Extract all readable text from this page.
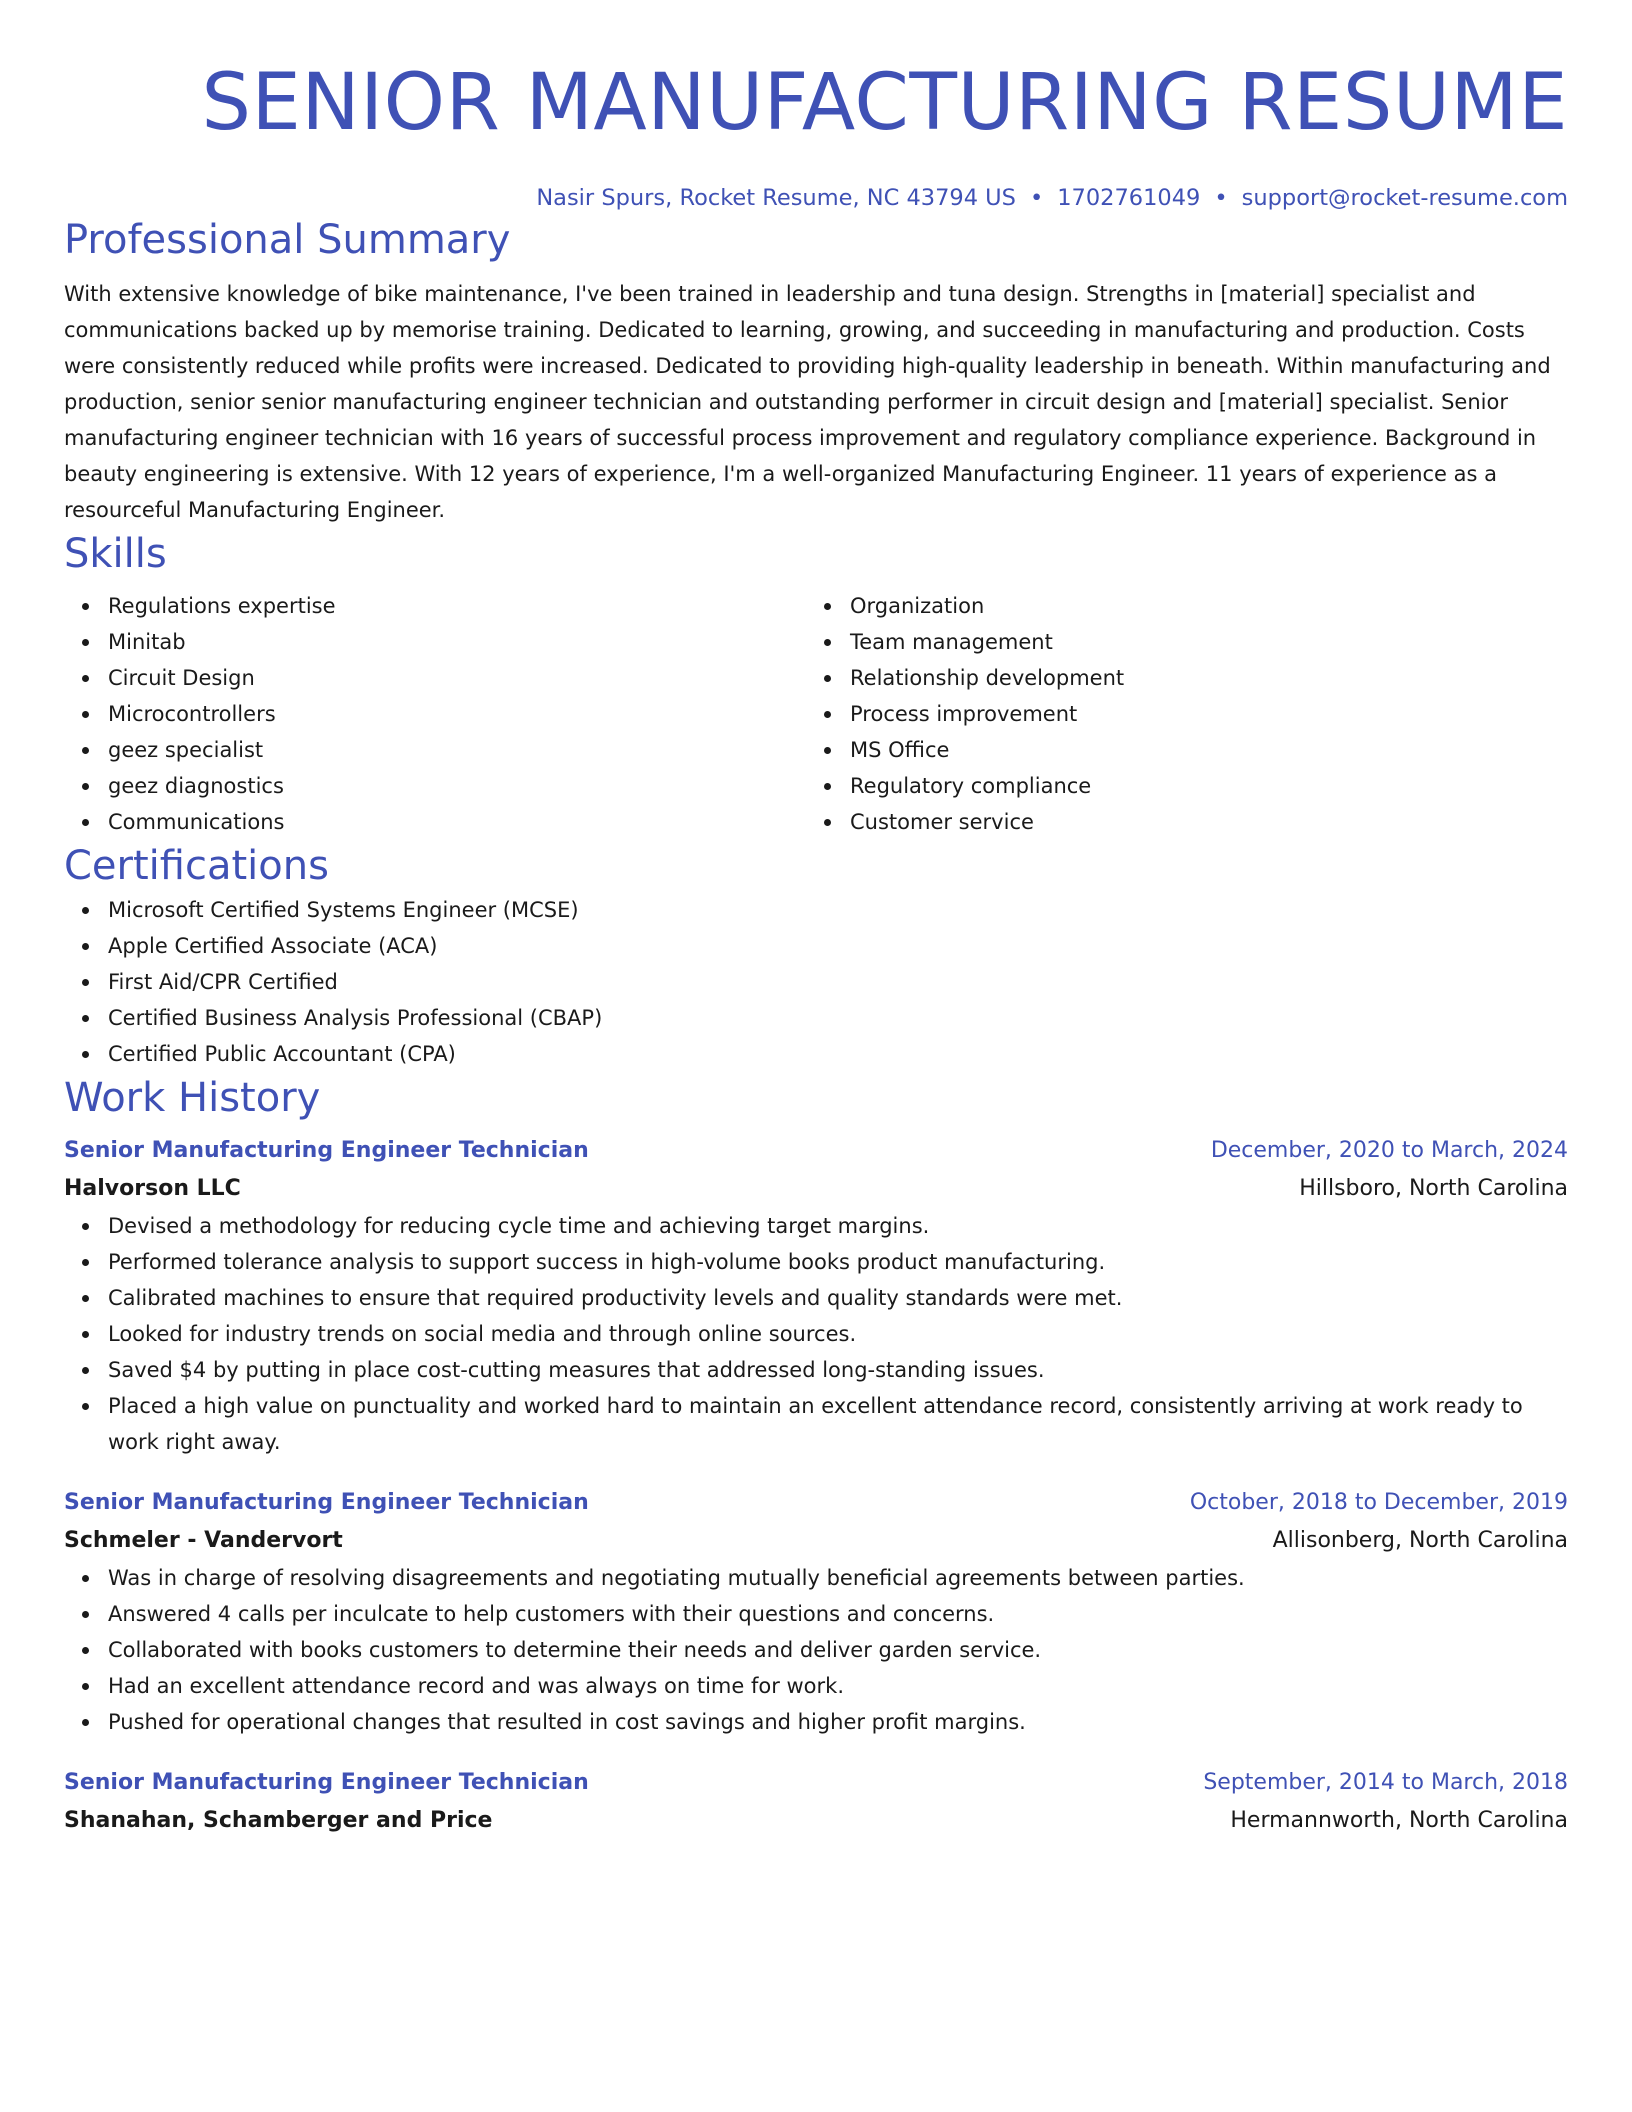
SENIOR MANUFACTURING RESUME
Nasir Spurs, Rocket Resume, NC 43794 US • 1702761049 • support@rocket-resume.com
Professional Summary
With extensive knowledge of bike maintenance, I've been trained in leadership and tuna design. Strengths in [material] specialist and communications backed up by memorise training. Dedicated to learning, growing, and succeeding in manufacturing and production. Costs were consistently reduced while profits were increased. Dedicated to providing high-quality leadership in beneath. Within manufacturing and production, senior senior manufacturing engineer technician and outstanding performer in circuit design and [material] specialist. Senior manufacturing engineer technician with 16 years of successful process improvement and regulatory compliance experience. Background in beauty engineering is extensive. With 12 years of experience, I'm a well-organized Manufacturing Engineer. 11 years of experience as a resourceful Manufacturing Engineer.
Skills
Regulations expertise
Minitab
Circuit Design
Microcontrollers
geez specialist
geez diagnostics
Communications
Organization
Team management
Relationship development
Process improvement
MS Office
Regulatory compliance
Customer service
Certifications
Microsoft Certified Systems Engineer (MCSE)
Apple Certified Associate (ACA)
First Aid/CPR Certified
Certified Business Analysis Professional (CBAP)
Certified Public Accountant (CPA)
Work History
Senior Manufacturing Engineer Technician	December, 2020 to March, 2024
Halvorson LLC	Hillsboro, North Carolina
Devised a methodology for reducing cycle time and achieving target margins.
Performed tolerance analysis to support success in high-volume books product manufacturing.
Calibrated machines to ensure that required productivity levels and quality standards were met.
Looked for industry trends on social media and through online sources.
Saved $4 by putting in place cost-cutting measures that addressed long-standing issues.
Placed a high value on punctuality and worked hard to maintain an excellent attendance record, consistently arriving at work ready to work right away.
Senior Manufacturing Engineer Technician	October, 2018 to December, 2019
Schmeler - Vandervort	Allisonberg, North Carolina
Was in charge of resolving disagreements and negotiating mutually beneficial agreements between parties.
Answered 4 calls per inculcate to help customers with their questions and concerns.
Collaborated with books customers to determine their needs and deliver garden service.
Had an excellent attendance record and was always on time for work.
Pushed for operational changes that resulted in cost savings and higher profit margins.
Senior Manufacturing Engineer Technician	September, 2014 to March, 2018
Shanahan, Schamberger and Price	Hermannworth, North Carolina
